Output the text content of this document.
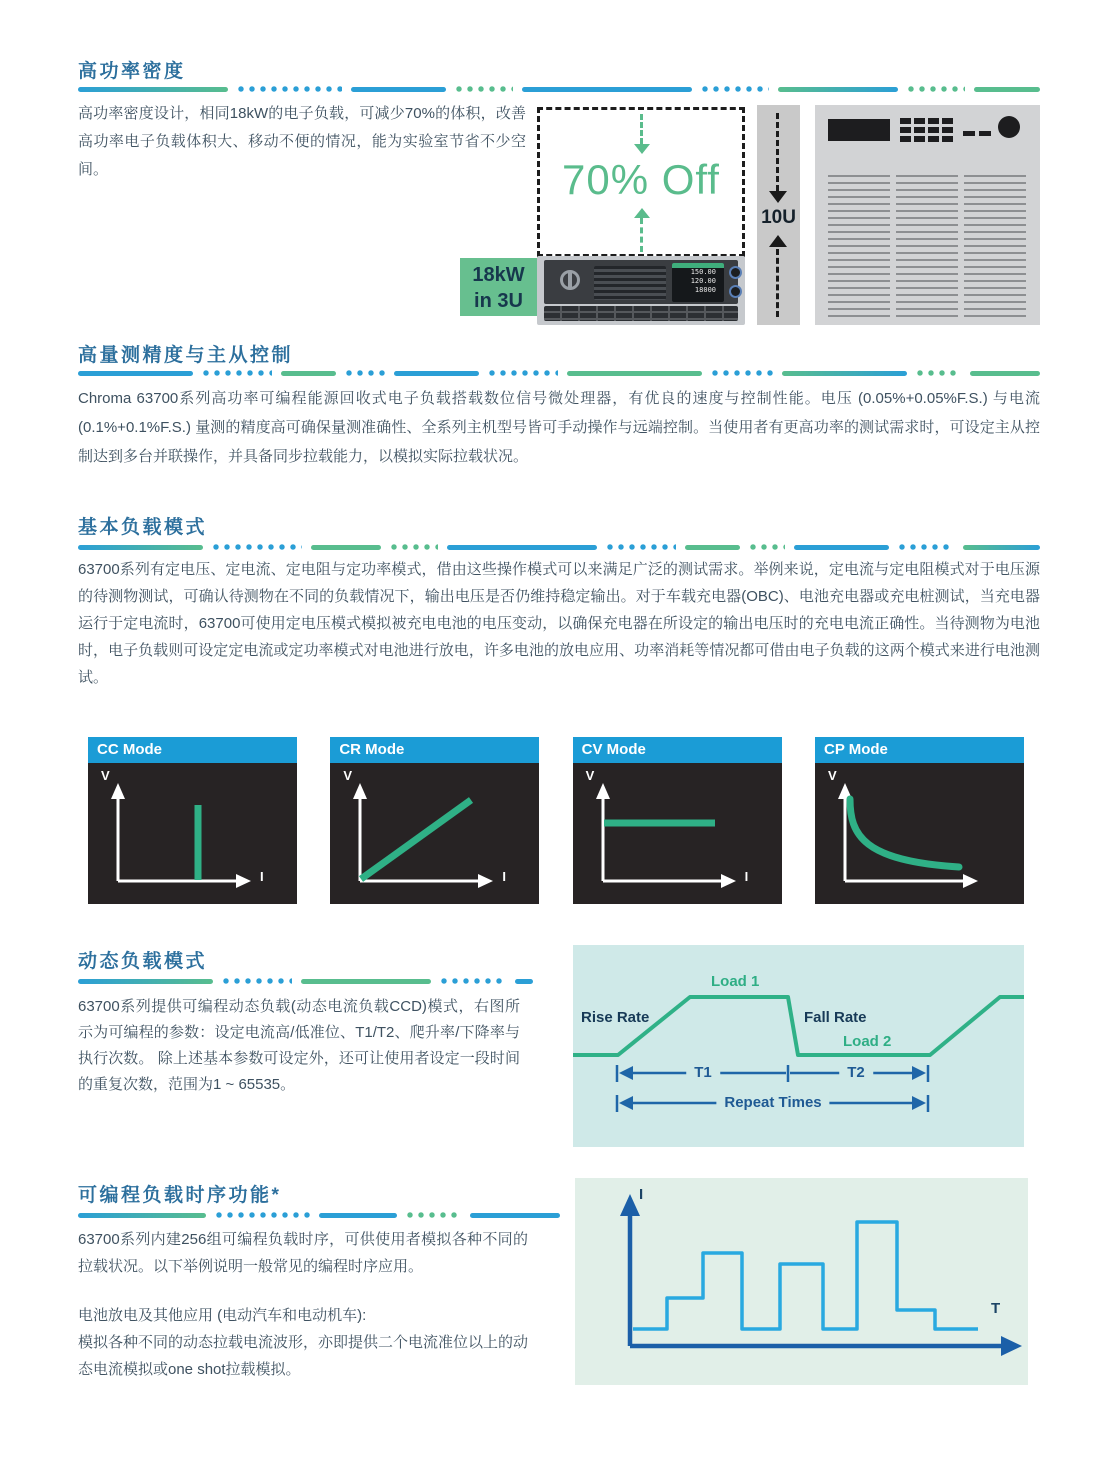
高功率密度
高功率密度设计，相同18kW的电子负载，可减少70%的体积，改善高功率电子负载体积大、移动不便的情况，能为实验室节省不少空间。	70% Off
18kW
in 3U
150.00
120.00
18000
10U
高量测精度与主从控制
Chroma 63700系列高功率可编程能源回收式电子负载搭载数位信号微处理器，有优良的速度与控制性能。电压 (0.05%+0.05%F.S.) 与电流 (0.1%+0.1%F.S.) 量测的精度高可确保量测准确性、全系列主机型号皆可手动操作与远端控制。当使用者有更高功率的测试需求时，可设定主从控制达到多台并联操作，并具备同步拉载能力，以模拟实际拉载状况。
基本负载模式
63700系列有定电压、定电流、定电阻与定功率模式，借由这些操作模式可以来满足广泛的测试需求。举例来说，定电流与定电阻模式对于电压源的待测物测试，可确认待测物在不同的负载情况下，输出电压是否仍维持稳定输出。对于车载充电器(OBC)、电池充电器或充电桩测试，当充电器运行于定电流时，63700可使用定电压模式模拟被充电电池的电压变动，以确保充电器在所设定的输出电压时的充电电流正确性。当待测物为电池时，电子负载则可设定定电流或定功率模式对电池进行放电，许多电池的放电应用、功率消耗等情况都可借由电子负载的这两个模式来进行电池测试。
CC Mode
V
I
CR Mode
V
I
CV Mode
V
I
CP Mode
V
动态负载模式
63700系列提供可编程动态负载(动态电流负载CCD)模式，右图所示为可编程的参数：设定电流高/低准位、T1/T2、爬升率/下降率与执行次数。 除上述基本参数可设定外，还可让使用者设定一段时间的重复次数，范围为1 ~ 65535。
Load 1
Rise Rate	Fall Rate
Load 2
T1	T2
Repeat Times
可编程负载时序功能*
63700系列内建256组可编程负载时序，可供使用者模拟各种不同的拉载状况。以下举例说明一般常见的编程时序应用。
电池放电及其他应用 (电动汽车和电动机车):
模拟各种不同的动态拉载电流波形，亦即提供二个电流准位以上的动态电流模拟或one shot拉载模拟。
I
T
